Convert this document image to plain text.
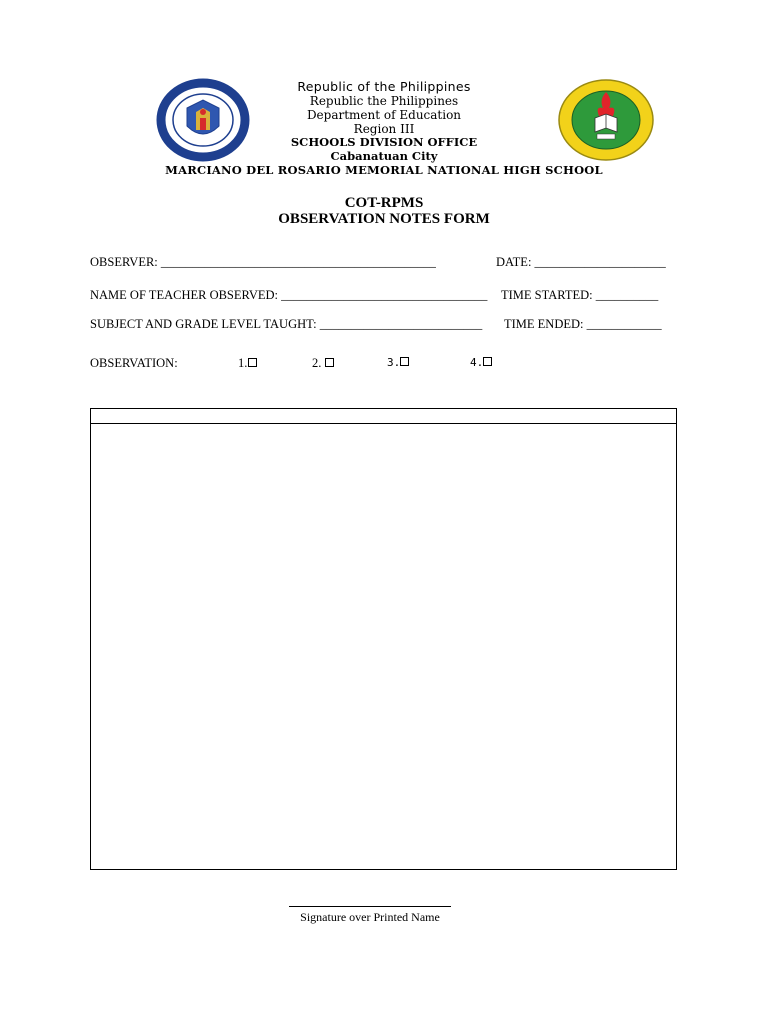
Republic of the Philippines
Republic the Philippines
Department of Education
Region III
SCHOOLS DIVISION OFFICE
Cabanatuan City
MARCIANO DEL ROSARIO MEMORIAL NATIONAL HIGH SCHOOL
COT-RPMS
OBSERVATION NOTES FORM
OBSERVER: ____________________________________________	DATE: _____________________
NAME OF TEACHER OBSERVED: _________________________________ TIME STARTED: __________
SUBJECT AND GRADE LEVEL TAUGHT: __________________________ TIME ENDED: ____________
OBSERVATION:	1.	2.	3.	4.
Signature over Printed Name
